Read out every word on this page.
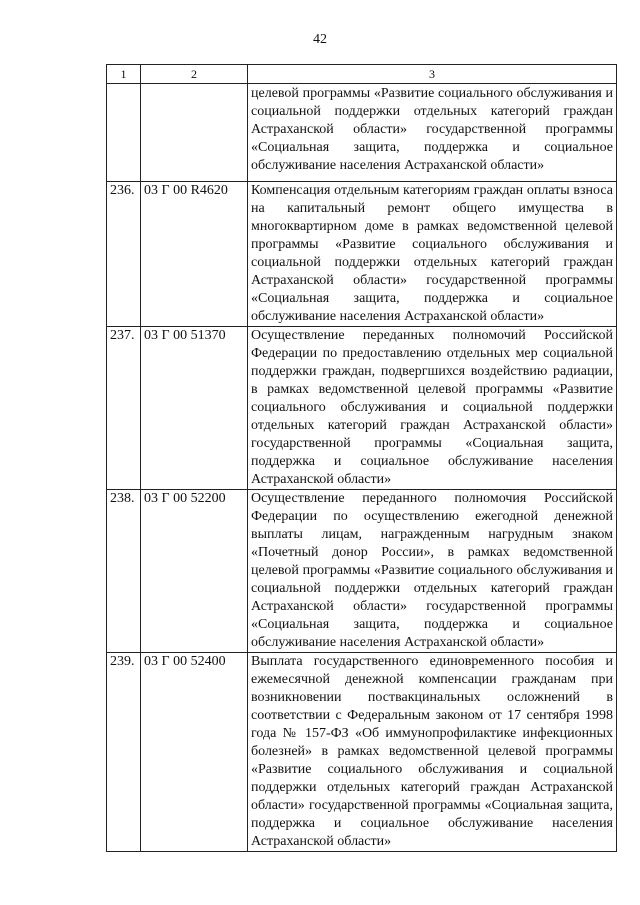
42
1	2	3
		целевой программы «Развитие социального обслуживания и социальной поддержки отдельных категорий граждан Астраханской области» государственной программы «Социальная защита, поддержка и социальное обслуживание населения Астраханской области»
236.	03 Г 00 R4620	Компенсация отдельным категориям граждан оплаты взноса на капитальный ремонт общего имущества в многоквартирном доме в рамках ведомственной целевой программы «Развитие социального обслуживания и социальной поддержки отдельных категорий граждан Астраханской области» государственной программы «Социальная защита, поддержка и социальное обслуживание населения Астраханской области»
237.	03 Г 00 51370	Осуществление переданных полномочий Российской Федерации по предоставлению отдельных мер социальной поддержки граждан, подвергшихся воздействию радиации, в рамках ведомственной целевой программы «Развитие социального обслуживания и социальной поддержки отдельных категорий граждан Астраханской области» государственной программы «Социальная защита, поддержка и социальное обслуживание населения Астраханской области»
238.	03 Г 00 52200	Осуществление переданного полномочия Российской Федерации по осуществлению ежегодной денежной выплаты лицам, награжденным нагрудным знаком «Почетный донор России», в рамках ведомственной целевой программы «Развитие социального обслуживания и социальной поддержки отдельных категорий граждан Астраханской области» государственной программы «Социальная защита, поддержка и социальное обслуживание населения Астраханской области»
239.	03 Г 00 52400	Выплата государственного единовременного пособия и ежемесячной денежной компенсации гражданам при возникновении поствакцинальных осложнений в соответствии с Федеральным законом от 17 сентября 1998 года № 157-ФЗ «Об иммунопрофилактике инфекционных болезней» в рамках ведомственной целевой программы «Развитие социального обслуживания и социальной поддержки отдельных категорий граждан Астраханской области» государственной программы «Социальная защита, поддержка и социальное обслуживание населения Астраханской области»
